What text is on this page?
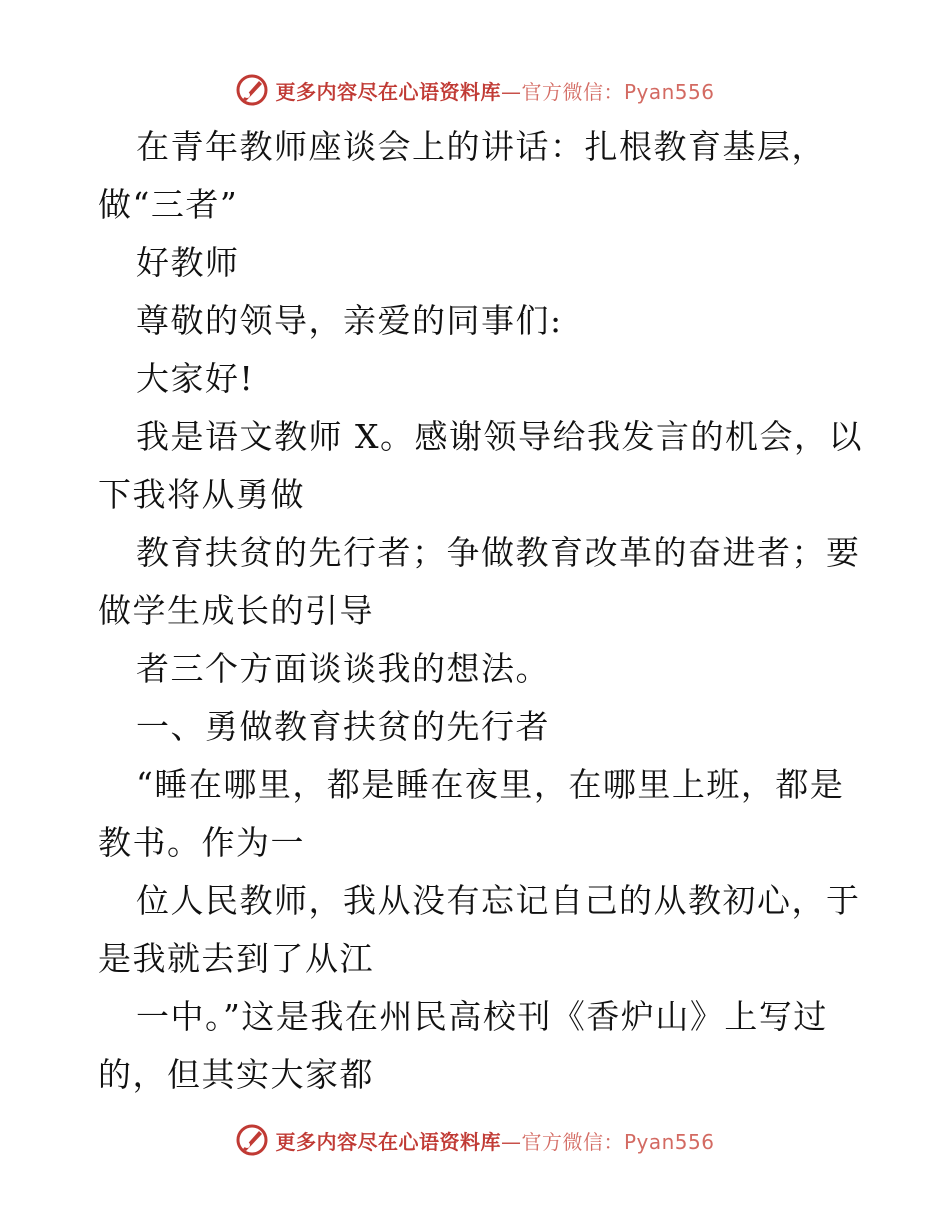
更多内容尽在心语资料库—官方微信：Pyan556
在青年教师座谈会上的讲话：扎根教育基层，
做“三者”
好教师
尊敬的领导，亲爱的同事们:
大家好!
我是语文教师 X。感谢领导给我发言的机会，以
下我将从勇做
教育扶贫的先行者；争做教育改革的奋进者；要
做学生成长的引导
者三个方面谈谈我的想法。
一、勇做教育扶贫的先行者
“睡在哪里，都是睡在夜里，在哪里上班，都是
教书。作为一
位人民教师，我从没有忘记自己的从教初心，于
是我就去到了从江
一中。”这是我在州民高校刊《香炉山》上写过
的，但其实大家都
更多内容尽在心语资料库—官方微信：Pyan556
